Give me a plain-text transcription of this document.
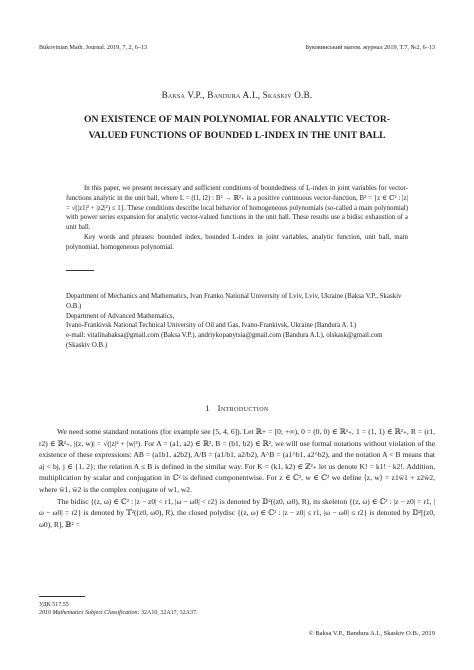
Bukovinian Math. Journal. 2019, 7, 2, 6–13	Буковинський матем. журнал 2019, Т.7, №2, 6–13
Baksa V.P., Bandura A.I., Skaskiv O.B.
ON EXISTENCE OF MAIN POLYNOMIAL FOR ANALYTIC VECTOR-VALUED FUNCTIONS OF BOUNDED L-INDEX IN THE UNIT BALL

In this paper, we present necessary and sufficient conditions of boundedness of L-index in joint variables for vector-functions analytic in the unit ball, where L = (l1, l2) : B² → ℝ²₊ is a positive continuous vector-function, B² = {z ∈ ℂ² : |z| = √(|z1|² + |z2|²) ≤ 1}. These conditions describe local behavior of homogeneous polynomials (so-called a main polynomial) with power series expansion for analytic vector-valued functions in the unit ball. These results use a bidisc exhaustion of a unit ball.

Key words and phrases: bounded index, bounded L-index in joint variables, analytic function, unit ball, main polynomial, homogeneous polynomial.

Department of Mechanics and Mathematics, Ivan Franko National University of Lviv, Lviv, Ukraine (Baksa V.P., Skaskiv O.B.)
Department of Advanced Mathematics,
Ivano-Frankivsk National Technical University of Oil and Gas, Ivano-Frankivsk, Ukraine (Bandura A. I.)
e-mail: vitalinabaksa@gmail.com (Baksa V.P.), andriykopanytsia@gmail.com (Bandura A.I.), olskask@gmail.com (Skaskiv O.B.)
1 Introduction

We need some standard notations (for example see [5, 4, 6]). Let ℝ+ = [0; +∞), 0 = (0, 0) ∈ ℝ²₊, 1 = (1, 1) ∈ ℝ²₊, R = (r1, r2) ∈ ℝ²₊, |(z, w)| = √(|z|² + |w|²). For A = (a1, a2) ∈ ℝ², B = (b1, b2) ∈ ℝ², we will use formal notations without violation of the existence of these expressions: AB = (a1b1, a2b2), A/B = (a1/b1, a2/b2), A^B = (a1^b1, a2^b2), and the notation A < B means that aj < bj, j ∈ {1, 2}; the relation A ≤ B is defined in the similar way. For K = (k1, k2) ∈ ℤ²₊ let us denote K! = k1! · k2!. Addition, multiplication by scalar and conjugation in ℂ² is defined componentwise. For z ∈ ℂ², w ∈ ℂ² we define ⟨z, w⟩ = z1w̄1 + z2w̄2, where w̄1, w̄2 is the complex conjugate of w1, w2.

The bidisc {(z, ω) ∈ ℂ² : |z − z0| < r1, |ω − ω0| < r2} is denoted by 𝔻²((z0, ω0), R), its skeleton {(z, ω) ∈ ℂ² : |z − z0| = r1, |ω − ω0| = r2} is denoted by 𝕋²((z0, ω0), R), the closed polydisc {(z, ω) ∈ ℂ² : |z − z0| ≤ r1, |ω − ω0| ≤ r2} is denoted by 𝔻²[(z0, ω0), R], 𝔹² =

УДК 517.55
2010 Mathematics Subject Classification: 32A10, 32A17, 32A37.
© Baksa V.P., Bandura A.I., Skaskiv O.B., 2019
